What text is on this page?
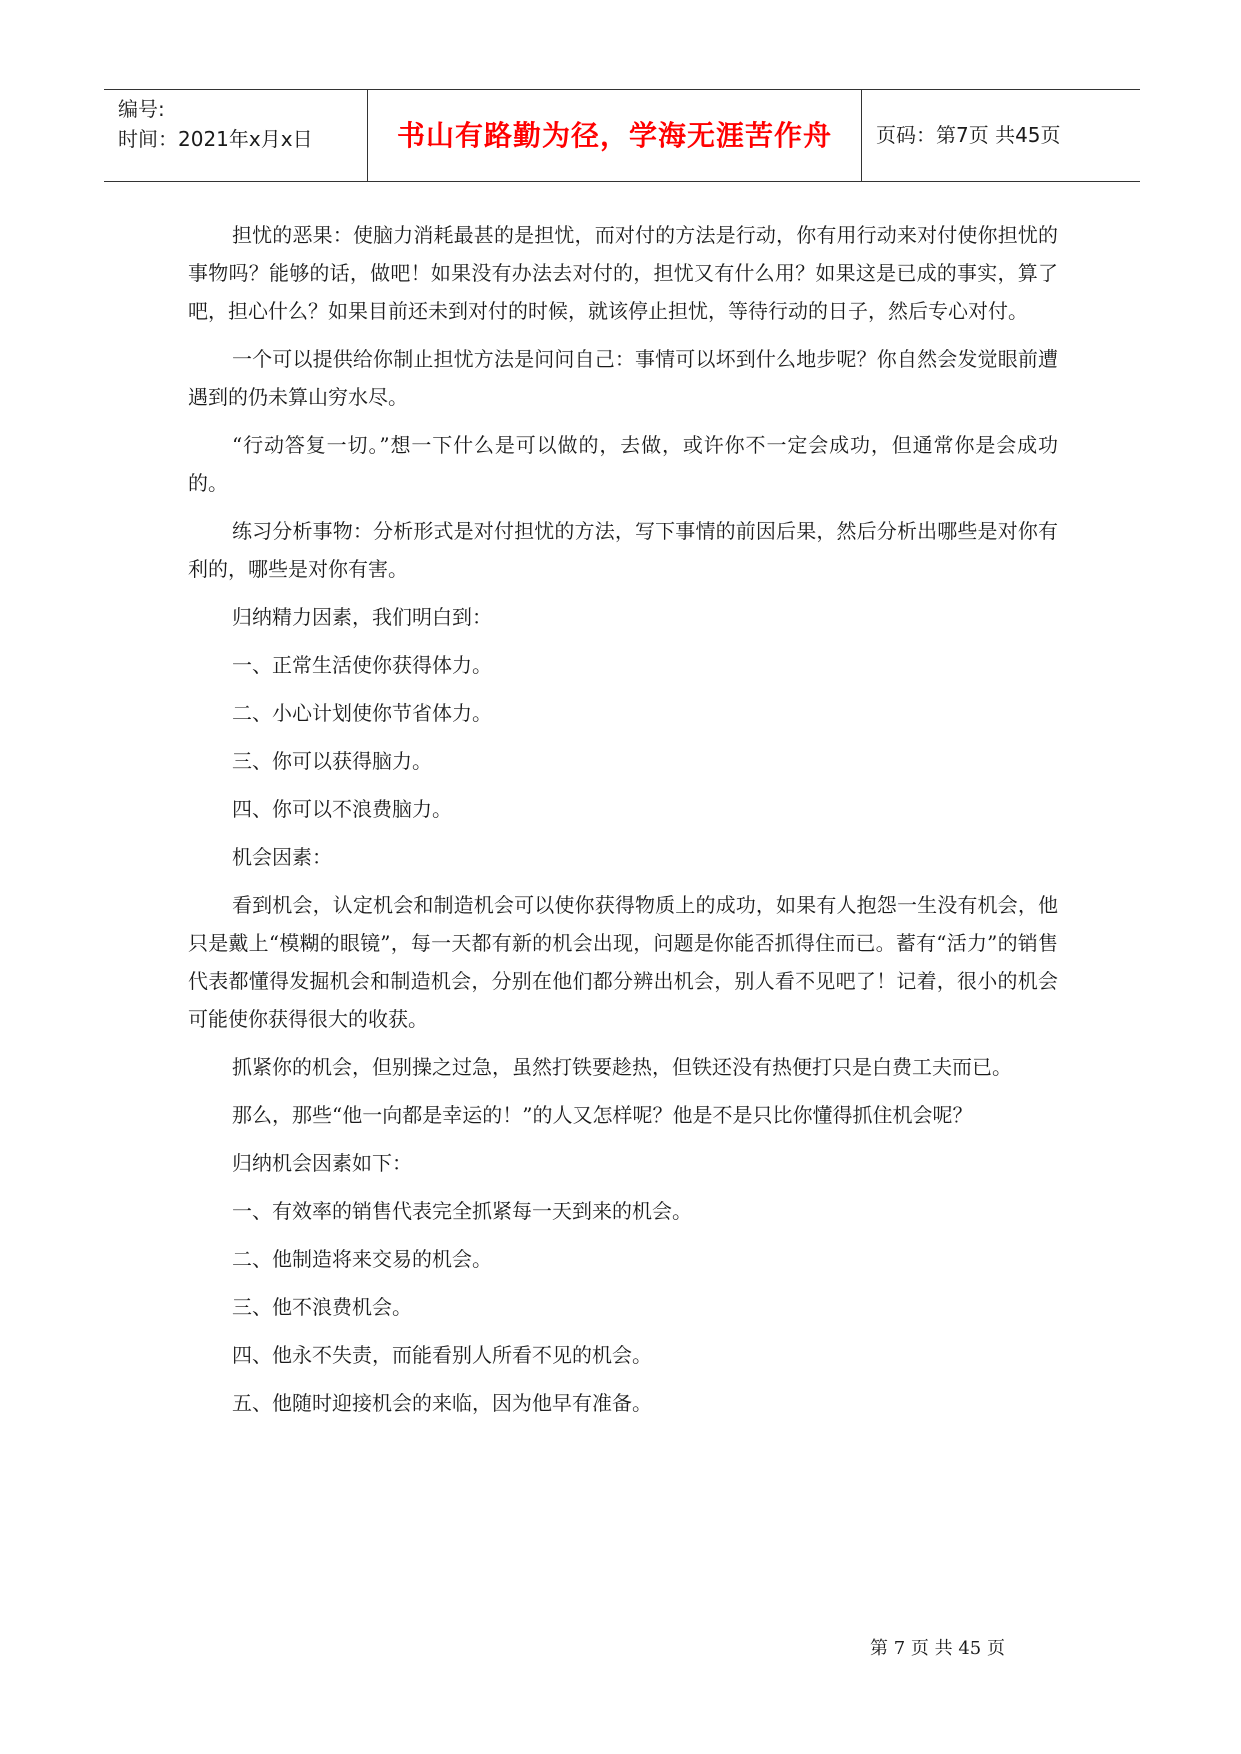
编号:
时间：2021年x月x日	书山有路勤为径，学海无涯苦作舟 页码：第7页 共45页

担忧的恶果：使脑力消耗最甚的是担忧，而对付的方法是行动，你有用行动来对付使你担忧的事物吗？能够的话，做吧！如果没有办法去对付的，担忧又有什么用？如果这是已成的事实，算了吧，担心什么？如果目前还未到对付的时候，就该停止担忧，等待行动的日子，然后专心对付。

一个可以提供给你制止担忧方法是问问自己：事情可以坏到什么地步呢？你自然会发觉眼前遭遇到的仍未算山穷水尽。

“行动答复一切。”想一下什么是可以做的，去做，或许你不一定会成功，但通常你是会成功的。

练习分析事物：分析形式是对付担忧的方法，写下事情的前因后果，然后分析出哪些是对你有利的，哪些是对你有害。

归纳精力因素，我们明白到：

一、正常生活使你获得体力。

二、小心计划使你节省体力。

三、你可以获得脑力。

四、你可以不浪费脑力。

机会因素：

看到机会，认定机会和制造机会可以使你获得物质上的成功，如果有人抱怨一生没有机会，他只是戴上“模糊的眼镜”，每一天都有新的机会出现，问题是你能否抓得住而已。蓄有“活力”的销售代表都懂得发掘机会和制造机会，分别在他们都分辨出机会，别人看不见吧了！记着，很小的机会可能使你获得很大的收获。

抓紧你的机会，但别操之过急，虽然打铁要趁热，但铁还没有热便打只是白费工夫而已。

那么，那些“他一向都是幸运的！”的人又怎样呢？他是不是只比你懂得抓住机会呢？

归纳机会因素如下：

一、有效率的销售代表完全抓紧每一天到来的机会。

二、他制造将来交易的机会。

三、他不浪费机会。

四、他永不失责，而能看别人所看不见的机会。

五、他随时迎接机会的来临，因为他早有准备。

第 7 页 共 45 页
